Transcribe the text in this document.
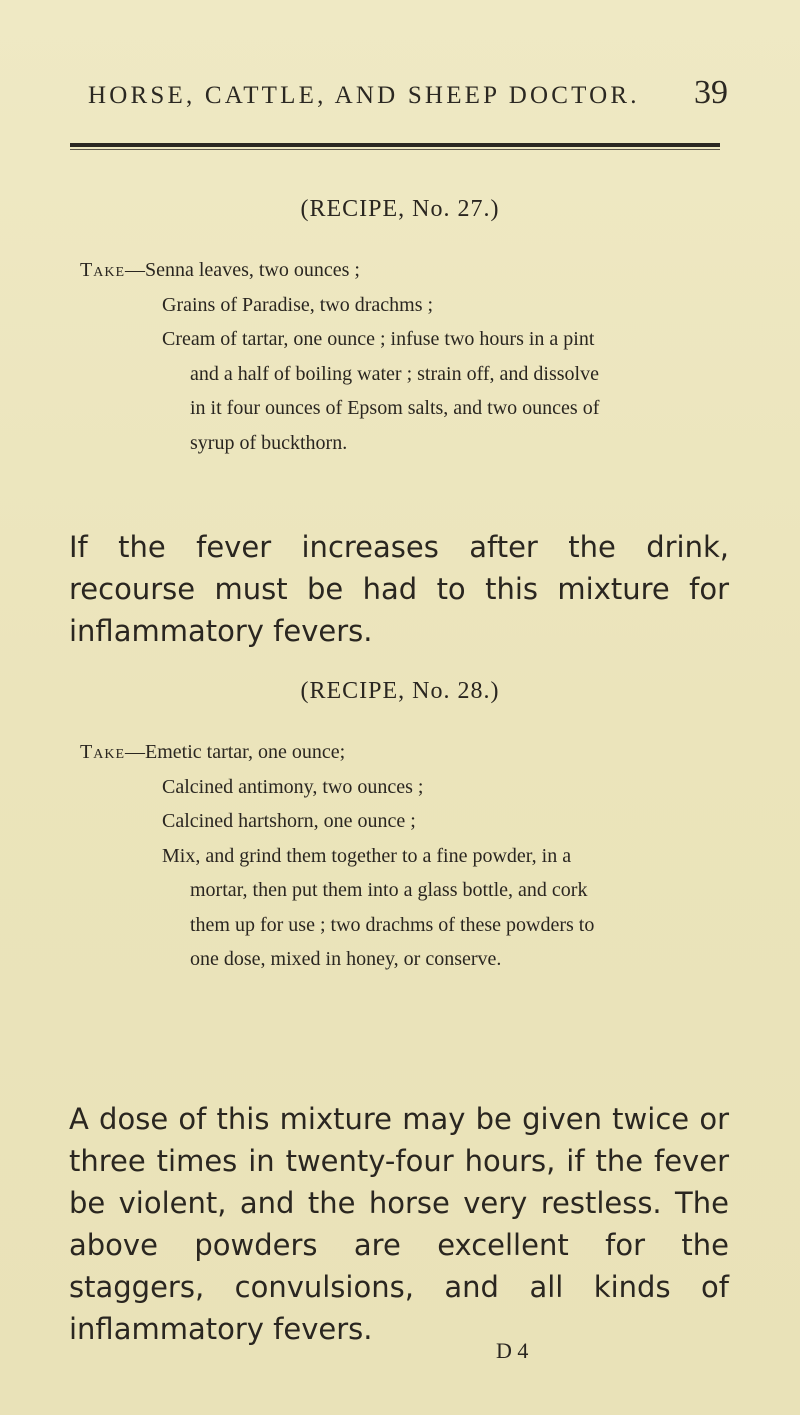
HORSE, CATTLE, AND SHEEP DOCTOR. 39
(RECIPE, No. 27.)
Take—Senna leaves, two ounces ;
Grains of Paradise, two drachms ;
Cream of tartar, one ounce ; infuse two hours in a pint
and a half of boiling water ; strain off, and dissolve
in it four ounces of Epsom salts, and two ounces of
syrup of buckthorn.

If the fever increases after the drink, recourse must be had to this mixture for inflammatory fevers.

(RECIPE, No. 28.)
Take—Emetic tartar, one ounce;
Calcined antimony, two ounces ;
Calcined hartshorn, one ounce ;
Mix, and grind them together to a fine powder, in a
mortar, then put them into a glass bottle, and cork
them up for use ; two drachms of these powders to
one dose, mixed in honey, or conserve.

A dose of this mixture may be given twice or three times in twenty-four hours, if the fever be violent, and the horse very restless. The above powders are excellent for the staggers, convulsions, and all kinds of inflammatory fevers.

D 4
